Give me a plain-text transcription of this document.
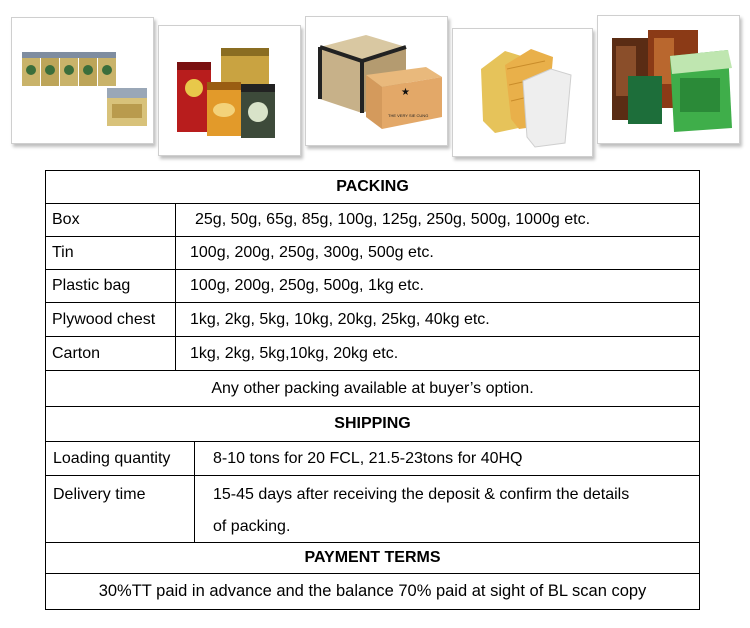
★
THE VERY SIE CUNG
PACKING
Box	25g, 50g, 65g, 85g, 100g, 125g, 250g, 500g, 1000g etc.
Tin	100g, 200g, 250g, 300g, 500g etc.
Plastic bag	100g, 200g, 250g, 500g, 1kg etc.
Plywood chest 1kg, 2kg, 5kg, 10kg, 20kg, 25kg, 40kg etc.
Carton	1kg, 2kg, 5kg,10kg, 20kg etc.
Any other packing available at buyer’s option.
SHIPPING
Loading quantity	8-10 tons for 20 FCL, 21.5-23tons for 40HQ
Delivery time	15-45 days after receiving the deposit & confirm the details
of packing.
PAYMENT TERMS
30%TT paid in advance and the balance 70% paid at sight of BL scan copy
